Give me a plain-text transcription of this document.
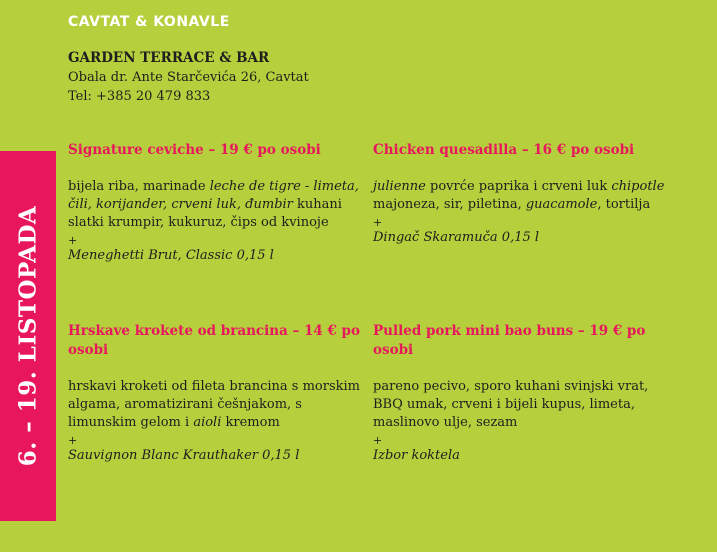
CAVTAT & KONAVLE
GARDEN TERRACE & BAR
Obala dr. Ante Starčevića 26, Cavtat
Tel: +385 20 479 833
6. – 19. LISTOPADA
Signature ceviche – 19 € po osobi
bijela riba, marinade leche de tigre - limeta, čili, korijander, crveni luk, đumbir kuhani slatki krumpir, kukuruz, čips od kvinoje
+
Meneghetti Brut, Classic 0,15 l
Chicken quesadilla – 16 € po osobi
julienne povrće paprika i crveni luk chipotle majoneza, sir, piletina, guacamole, tortilja
+
Dingač Skaramuča 0,15 l
Hrskave krokete od brancina – 14 € po osobi
hrskavi kroketi od fileta brancina s morskim algama, aromatizirani češnjakom, s limunskim gelom i aioli kremom
+
Sauvignon Blanc Krauthaker 0,15 l
Pulled pork mini bao buns – 19 € po osobi
pareno pecivo, sporo kuhani svinjski vrat, BBQ umak, crveni i bijeli kupus, limeta, maslinovo ulje, sezam
+
Izbor koktela
